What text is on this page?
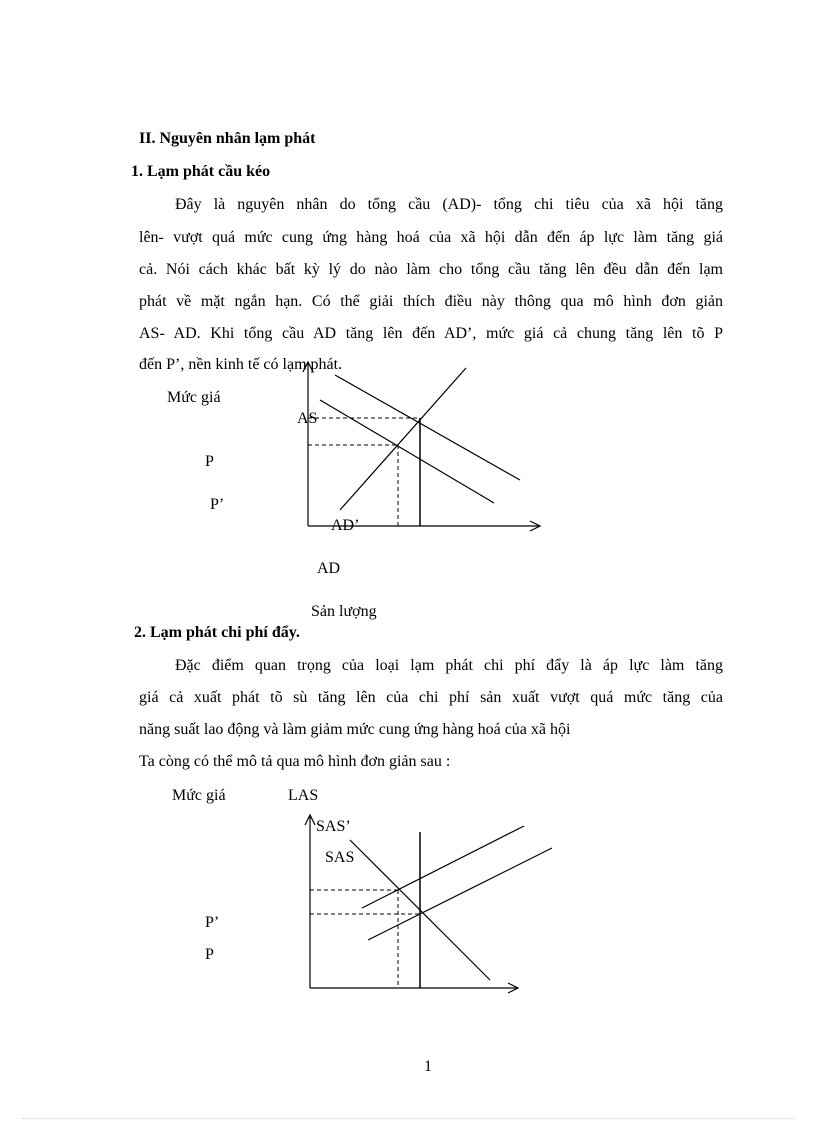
II. Nguyên nhân lạm phát
1. Lạm phát cầu kéo
Đây là nguyên nhân do tổng cầu (AD)- tổng chi tiêu của xã hội tăng
lên- vượt quá mức cung ứng hàng hoá của xã hội dẫn đến áp lực làm tăng giá
cả. Nói cách khác bất kỳ lý do nào làm cho tổng cầu tăng lên đều dẫn đến lạm
phát về mặt ngắn hạn. Có thể giải thích điều này thông qua mô hình đơn giản
AS- AD. Khi tổng cầu AD tăng lên đến AD’, mức giá cả chung tăng lên tõ P
đến P’, nền kinh tế có lạm phát.
Mức giá
AS
P
P’
AD’
AD
Sản lượng
2. Lạm phát chi phí đẩy.
Đặc điểm quan trọng của loại lạm phát chi phí đẩy là áp lực làm tăng
giá cả xuất phát tõ sù tăng lên của chi phí sản xuất vượt quá mức tăng của
năng suất lao động và làm giảm mức cung ứng hàng hoá của xã hội
Ta còng có thể mô tả qua mô hình đơn giản sau :
Mức giá	LAS
SAS’
SAS
P’
P
1
